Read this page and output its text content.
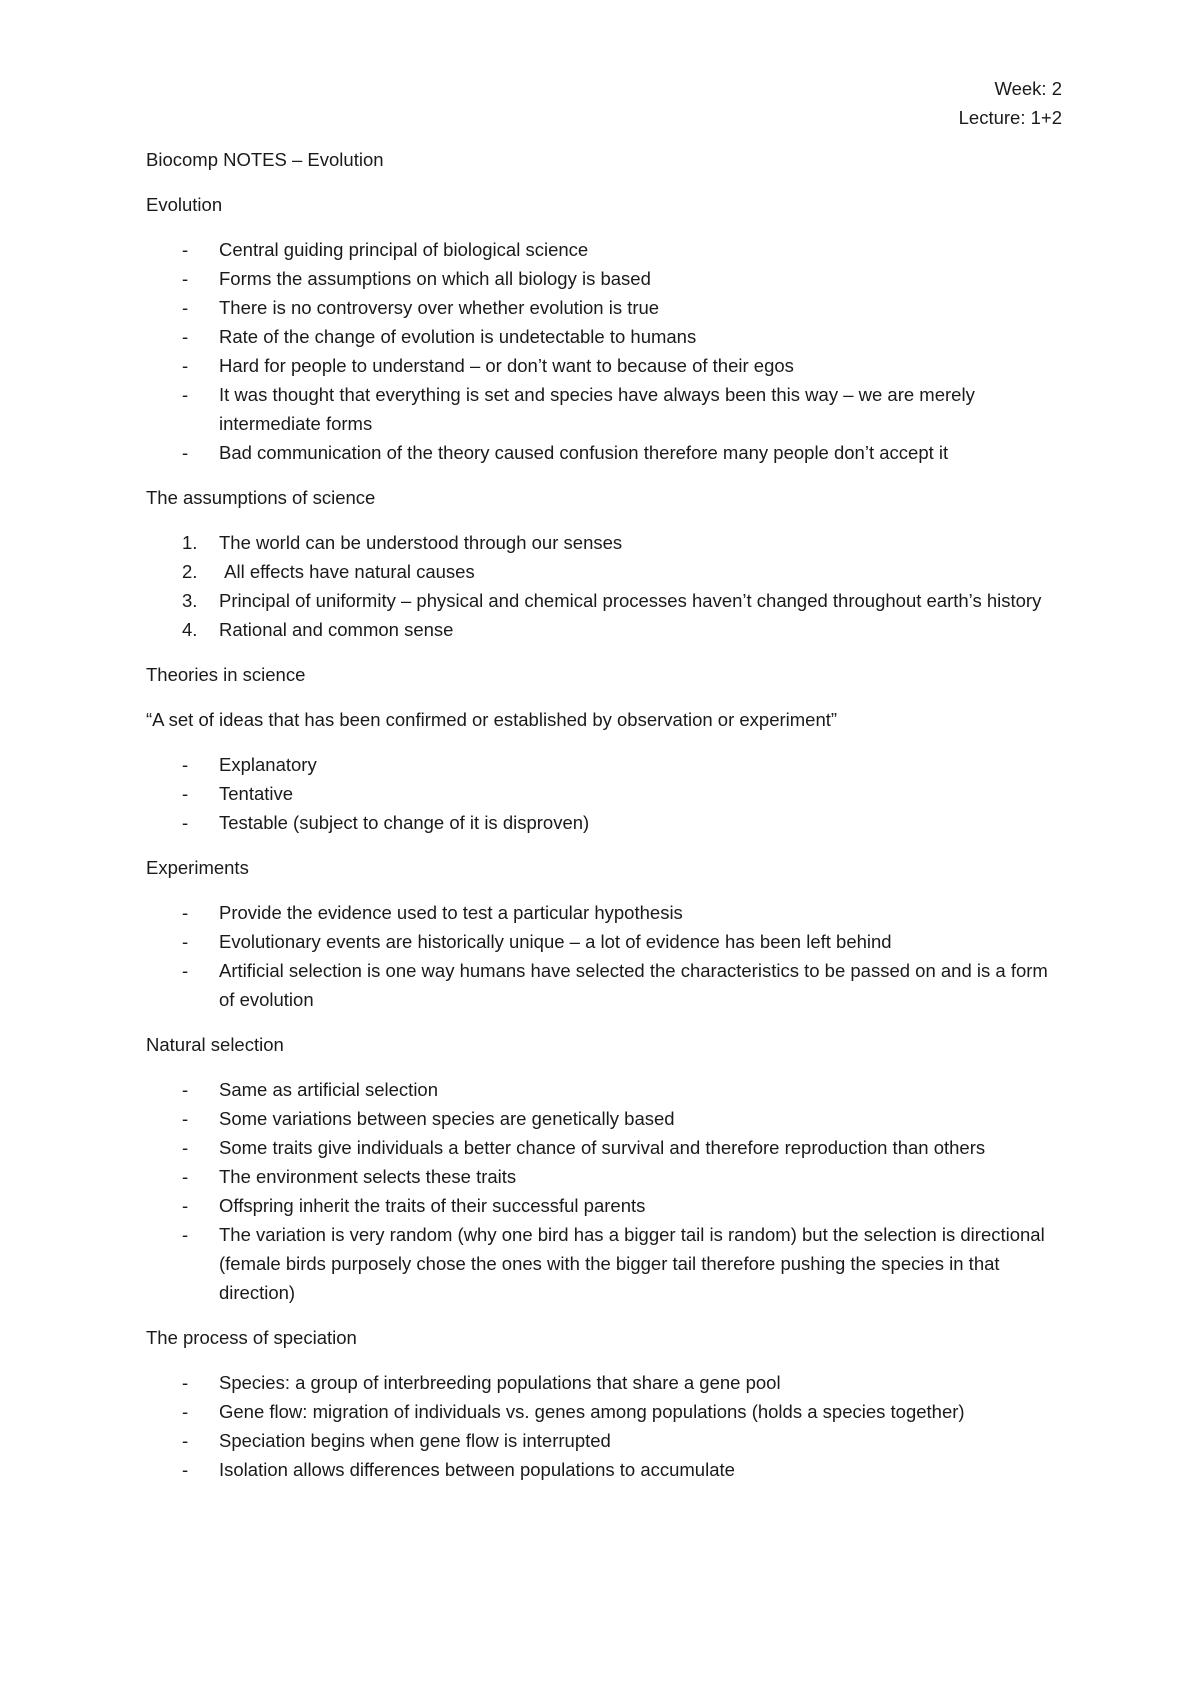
Week: 2
Lecture: 1+2
Biocomp NOTES – Evolution
Evolution
- Central guiding principal of biological science
- Forms the assumptions on which all biology is based
- There is no controversy over whether evolution is true
- Rate of the change of evolution is undetectable to humans
- Hard for people to understand – or don’t want to because of their egos
- It was thought that everything is set and species have always been this way – we are merely intermediate forms
- Bad communication of the theory caused confusion therefore many people don’t accept it
The assumptions of science
1. The world can be understood through our senses
2. All effects have natural causes
3. Principal of uniformity – physical and chemical processes haven’t changed throughout earth’s history
4. Rational and common sense
Theories in science
“A set of ideas that has been confirmed or established by observation or experiment”
- Explanatory
- Tentative
- Testable (subject to change of it is disproven)
Experiments
- Provide the evidence used to test a particular hypothesis
- Evolutionary events are historically unique – a lot of evidence has been left behind
- Artificial selection is one way humans have selected the characteristics to be passed on and is a form of evolution
Natural selection
- Same as artificial selection
- Some variations between species are genetically based
- Some traits give individuals a better chance of survival and therefore reproduction than others
- The environment selects these traits
- Offspring inherit the traits of their successful parents
- The variation is very random (why one bird has a bigger tail is random) but the selection is directional (female birds purposely chose the ones with the bigger tail therefore pushing the species in that direction)
The process of speciation
- Species: a group of interbreeding populations that share a gene pool
- Gene flow: migration of individuals vs. genes among populations (holds a species together)
- Speciation begins when gene flow is interrupted
- Isolation allows differences between populations to accumulate
